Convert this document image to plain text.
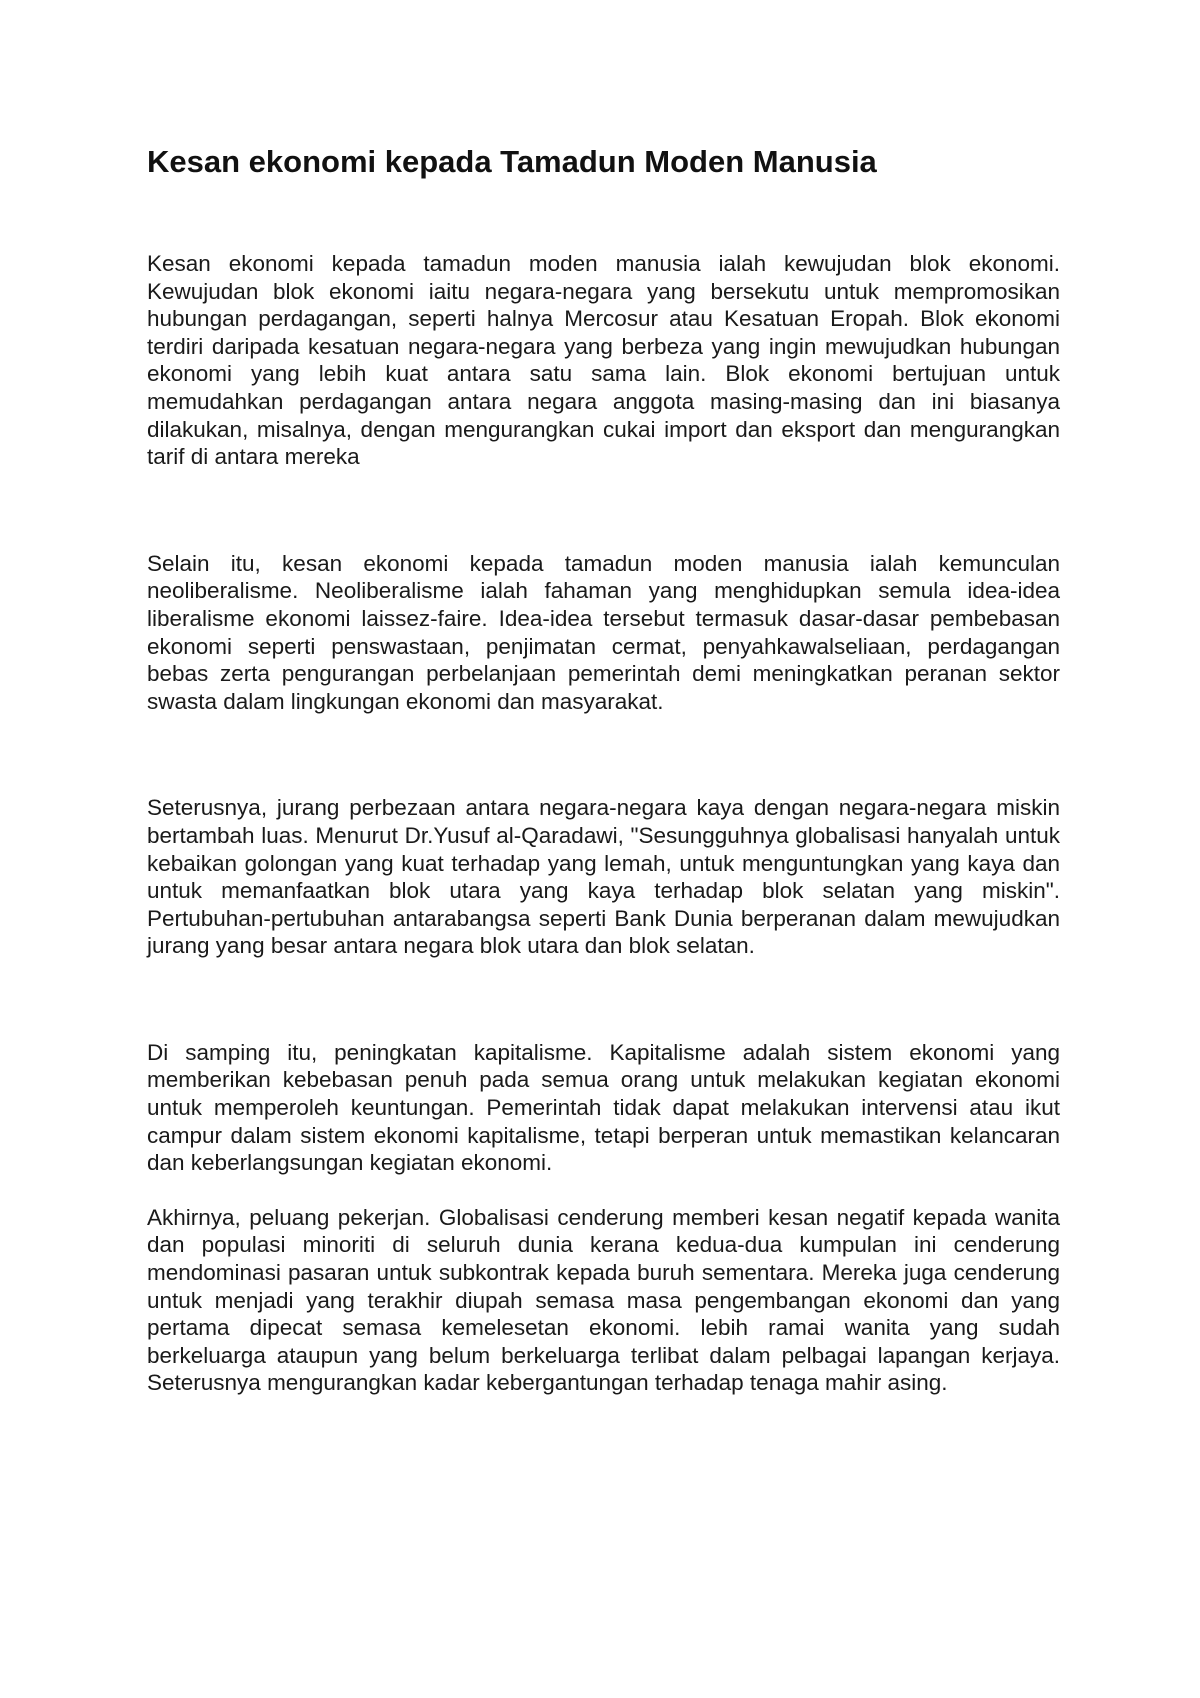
Kesan ekonomi kepada Tamadun Moden Manusia

Kesan ekonomi kepada tamadun moden manusia ialah kewujudan blok ekonomi. Kewujudan blok ekonomi iaitu negara-negara yang bersekutu untuk mempromosikan hubungan perdagangan, seperti halnya Mercosur atau Kesatuan Eropah. Blok ekonomi terdiri daripada kesatuan negara-negara yang berbeza yang ingin mewujudkan hubungan ekonomi yang lebih kuat antara satu sama lain. Blok ekonomi bertujuan untuk memudahkan perdagangan antara negara anggota masing-masing dan ini biasanya dilakukan, misalnya, dengan mengurangkan cukai import dan eksport dan mengurangkan tarif di antara mereka

Selain itu, kesan ekonomi kepada tamadun moden manusia ialah kemunculan neoliberalisme. Neoliberalisme ialah fahaman yang menghidupkan semula idea-idea liberalisme ekonomi laissez-faire. Idea-idea tersebut termasuk dasar-dasar pembebasan ekonomi seperti penswastaan, penjimatan cermat, penyahkawalseliaan, perdagangan bebas zerta pengurangan perbelanjaan pemerintah demi meningkatkan peranan sektor swasta dalam lingkungan ekonomi dan masyarakat.

Seterusnya, jurang perbezaan antara negara-negara kaya dengan negara-negara miskin bertambah luas. Menurut Dr.Yusuf al-Qaradawi, "Sesungguhnya globalisasi hanyalah untuk kebaikan golongan yang kuat terhadap yang lemah, untuk menguntungkan yang kaya dan untuk memanfaatkan blok utara yang kaya terhadap blok selatan yang miskin". Pertubuhan-pertubuhan antarabangsa seperti Bank Dunia berperanan dalam mewujudkan jurang yang besar antara negara blok utara dan blok selatan.

Di samping itu, peningkatan kapitalisme. Kapitalisme adalah sistem ekonomi yang memberikan kebebasan penuh pada semua orang untuk melakukan kegiatan ekonomi untuk memperoleh keuntungan. Pemerintah tidak dapat melakukan intervensi atau ikut campur dalam sistem ekonomi kapitalisme, tetapi berperan untuk memastikan kelancaran dan keberlangsungan kegiatan ekonomi.

Akhirnya, peluang pekerjan. Globalisasi cenderung memberi kesan negatif kepada wanita dan populasi minoriti di seluruh dunia kerana kedua-dua kumpulan ini cenderung mendominasi pasaran untuk subkontrak kepada buruh sementara. Mereka juga cenderung untuk menjadi yang terakhir diupah semasa masa pengembangan ekonomi dan yang pertama dipecat semasa kemelesetan ekonomi. lebih ramai wanita yang sudah berkeluarga ataupun yang belum berkeluarga terlibat dalam pelbagai lapangan kerjaya. Seterusnya mengurangkan kadar kebergantungan terhadap tenaga mahir asing.
